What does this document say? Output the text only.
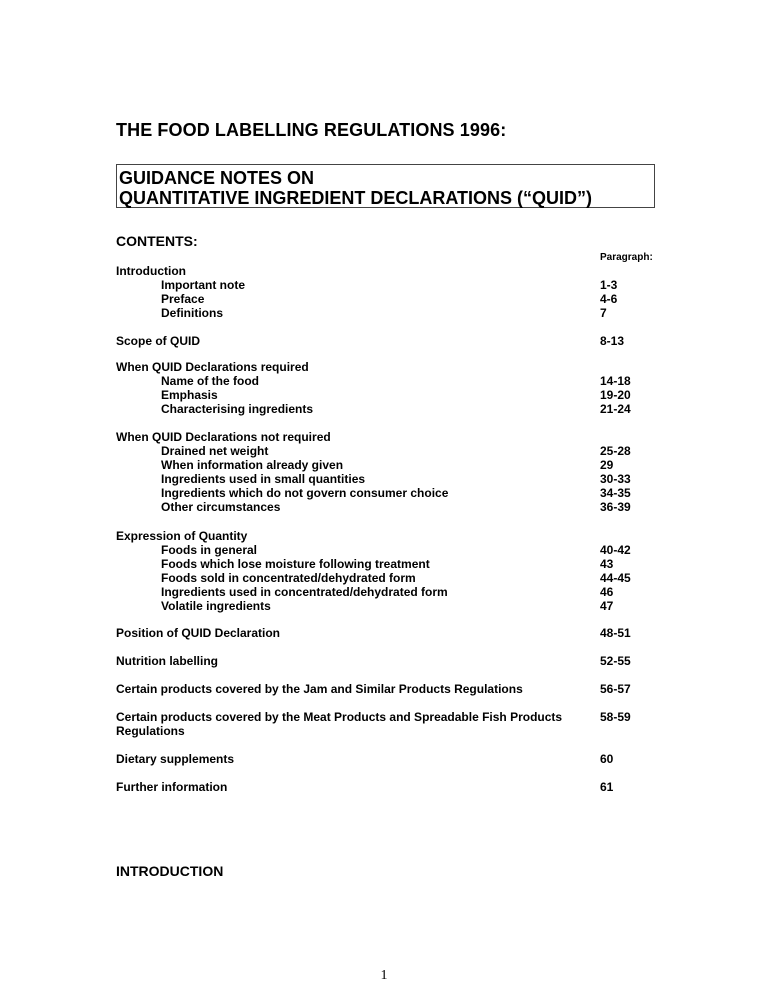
THE FOOD LABELLING REGULATIONS 1996:
GUIDANCE NOTES ON
QUANTITATIVE INGREDIENT DECLARATIONS (“QUID”)
CONTENTS:
Paragraph:
Introduction
Important note	1-3
Preface	4-6
Definitions	7
Scope of QUID	8-13
When QUID Declarations required
Name of the food	14-18
Emphasis	19-20
Characterising ingredients	21-24
When QUID Declarations not required
Drained net weight	25-28
When information already given	29
Ingredients used in small quantities	30-33
Ingredients which do not govern consumer choice	34-35
Other circumstances	36-39
Expression of Quantity
Foods in general	40-42
Foods which lose moisture following treatment	43
Foods sold in concentrated/dehydrated form	44-45
Ingredients used in concentrated/dehydrated form	46
Volatile ingredients	47
Position of QUID Declaration	48-51
Nutrition labelling	52-55
Certain products covered by the Jam and Similar Products Regulations	56-57
Certain products covered by the Meat Products and Spreadable Fish Products Regulations
58-59
Dietary supplements	60
Further information	61
INTRODUCTION
1
